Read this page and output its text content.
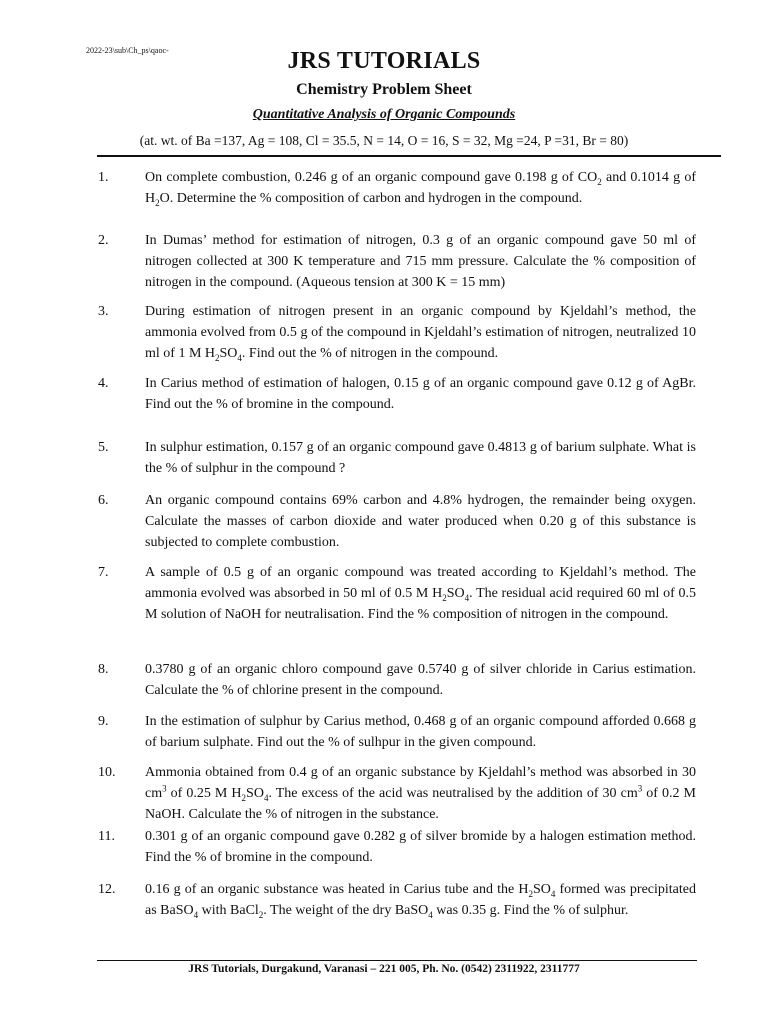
2022-23\sub\Ch_ps\qaoc-	JRS TUTORIALS
Chemistry Problem Sheet
Quantitative Analysis of Organic Compounds
(at. wt. of Ba =137, Ag = 108, Cl = 35.5, N = 14, O = 16, S = 32, Mg =24, P =31, Br = 80)
1.	On complete combustion, 0.246 g of an organic compound gave 0.198 g of $CO_2$ and 0.1014 g of $H_2O$. Determine the % composition of carbon and hydrogen in the compound.
2.	In Dumas’ method for estimation of nitrogen, 0.3 g of an organic compound gave 50 ml of nitrogen collected at 300 K temperature and 715 mm pressure. Calculate the % composition of nitrogen in the compound. (Aqueous tension at 300 K = 15 mm)
3.	During estimation of nitrogen present in an organic compound by Kjeldahl’s method, the ammonia evolved from 0.5 g of the compound in Kjeldahl’s estimation of nitrogen, neutralized 10 ml of 1 M $H_2SO_4$. Find out the % of nitrogen in the compound.
4.	In Carius method of estimation of halogen, 0.15 g of an organic compound gave 0.12 g of AgBr. Find out the % of bromine in the compound.
5.	In sulphur estimation, 0.157 g of an organic compound gave 0.4813 g of barium sulphate. What is the % of sulphur in the compound ?
6.	An organic compound contains 69% carbon and 4.8% hydrogen, the remainder being oxygen. Calculate the masses of carbon dioxide and water produced when 0.20 g of this substance is subjected to complete combustion.
7.	A sample of 0.5 g of an organic compound was treated according to Kjeldahl’s method. The ammonia evolved was absorbed in 50 ml of 0.5 M $H_2SO_4$. The residual acid required 60 ml of 0.5 M solution of NaOH for neutralisation. Find the % composition of nitrogen in the compound.
8.	0.3780 g of an organic chloro compound gave 0.5740 g of silver chloride in Carius estimation. Calculate the % of chlorine present in the compound.
9.	In the estimation of sulphur by Carius method, 0.468 g of an organic compound afforded 0.668 g of barium sulphate. Find out the % of sulhpur in the given compound.
10.	Ammonia obtained from 0.4 g of an organic substance by Kjeldahl’s method was absorbed in 30 $cm^3$ of 0.25 M $H_2SO_4$. The excess of the acid was neutralised by the addition of 30 $cm^3$ of 0.2 M NaOH. Calculate the % of nitrogen in the substance.
11.	0.301 g of an organic compound gave 0.282 g of silver bromide by a halogen estimation method. Find the % of bromine in the compound.
12.	0.16 g of an organic substance was heated in Carius tube and the $H_2SO_4$ formed was precipitated as BaSO$_4$ with BaCl$_2$. The weight of the dry BaSO$_4$ was 0.35 g. Find the % of sulphur.
JRS Tutorials, Durgakund, Varanasi – 221 005, Ph. No. (0542) 2311922, 2311777
